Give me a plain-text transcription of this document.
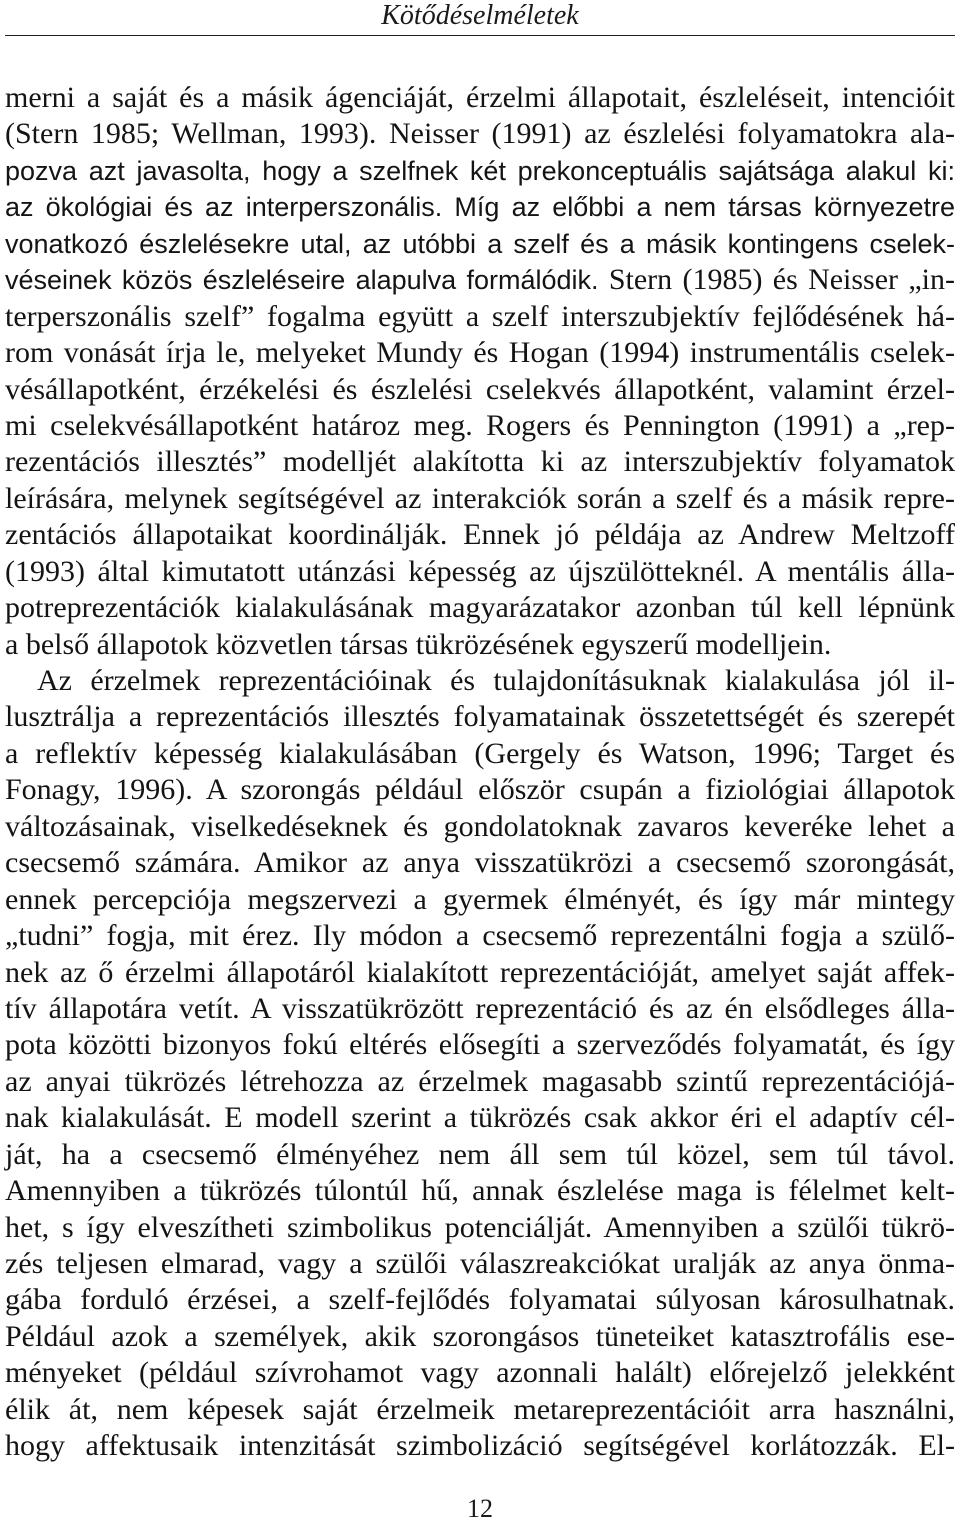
Kötődéselméletek
merni a saját és a másik ágenciáját, érzelmi állapotait, észleléseit, intencióit
(Stern 1985; Wellman, 1993). Neisser (1991) az észlelési folyamatokra ala-
pozva azt javasolta, hogy a szelfnek két prekonceptuális sajátsága alakul ki:
az ökológiai és az interperszonális. Míg az előbbi a nem társas környezetre
vonatkozó észlelésekre utal, az utóbbi a szelf és a másik kontingens cselek-
véseinek közös észleléseire alapulva formálódik. Stern (1985) és Neisser „in-
terperszonális szelf” fogalma együtt a szelf interszubjektív fejlődésének há-
rom vonását írja le, melyeket Mundy és Hogan (1994) instrumentális cselek-
vésállapotként, érzékelési és észlelési cselekvés állapotként, valamint érzel-
mi cselekvésállapotként határoz meg. Rogers és Pennington (1991) a „rep-
rezentációs illesztés” modelljét alakította ki az interszubjektív folyamatok
leírására, melynek segítségével az interakciók során a szelf és a másik repre-
zentációs állapotaikat koordinálják. Ennek jó példája az Andrew Meltzoff
(1993) által kimutatott utánzási képesség az újszülötteknél. A mentális álla-
potreprezentációk kialakulásának magyarázatakor azonban túl kell lépnünk
a belső állapotok közvetlen társas tükrözésének egyszerű modelljein.
Az érzelmek reprezentációinak és tulajdonításuknak kialakulása jól il-
lusztrálja a reprezentációs illesztés folyamatainak összetettségét és szerepét
a reflektív képesség kialakulásában (Gergely és Watson, 1996; Target és
Fonagy, 1996). A szorongás például először csupán a fiziológiai állapotok
változásainak, viselkedéseknek és gondolatoknak zavaros keveréke lehet a
csecsemő számára. Amikor az anya visszatükrözi a csecsemő szorongását,
ennek percepciója megszervezi a gyermek élményét, és így már mintegy
„tudni” fogja, mit érez. Ily módon a csecsemő reprezentálni fogja a szülő-
nek az ő érzelmi állapotáról kialakított reprezentációját, amelyet saját affek-
tív állapotára vetít. A visszatükrözött reprezentáció és az én elsődleges álla-
pota közötti bizonyos fokú eltérés elősegíti a szerveződés folyamatát, és így
az anyai tükrözés létrehozza az érzelmek magasabb szintű reprezentációjá-
nak kialakulását. E modell szerint a tükrözés csak akkor éri el adaptív cél-
ját, ha a csecsemő élményéhez nem áll sem túl közel, sem túl távol.
Amennyiben a tükrözés túlontúl hű, annak észlelése maga is félelmet kelt-
het, s így elveszítheti szimbolikus potenciálját. Amennyiben a szülői tükrö-
zés teljesen elmarad, vagy a szülői válaszreakciókat uralják az anya önma-
gába forduló érzései, a szelf-fejlődés folyamatai súlyosan károsulhatnak.
Például azok a személyek, akik szorongásos tüneteiket katasztrofális ese-
ményeket (például szívrohamot vagy azonnali halált) előrejelző jelekként
élik át, nem képesek saját érzelmeik metareprezentációit arra használni,
hogy affektusaik intenzitását szimbolizáció segítségével korlátozzák. El-
12
